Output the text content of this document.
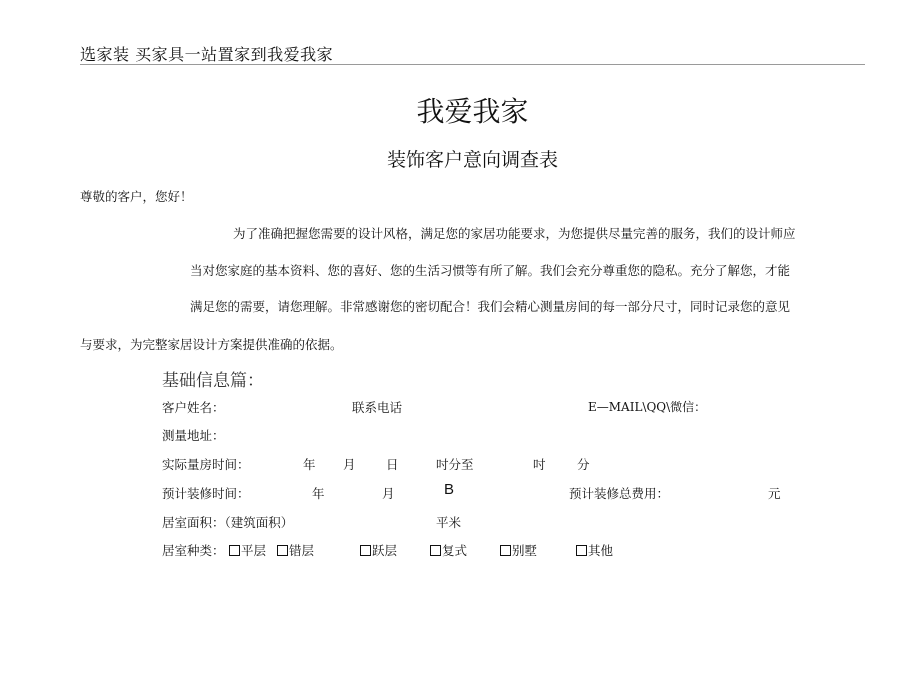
选家装 买家具一站置家到我爱我家
我爱我家
装饰客户意向调查表
尊敬的客户，您好！
为了准确把握您需要的设计风格，满足您的家居功能要求，为您提供尽量完善的服务，我们的设计师应
当对您家庭的基本资料、您的喜好、您的生活习惯等有所了解。我们会充分尊重您的隐私。充分了解您，才能
满足您的需要，请您理解。非常感谢您的密切配合！我们会精心测量房间的每一部分尺寸，同时记录您的意见
与要求，为完整家居设计方案提供准确的依据。
基础信息篇：
客户姓名：	联系电话	E—MAIL\QQ\微信：
测量地址：
实际量房时间：	年 月 日	吋分至	吋	分
预计装修时间：	年	月	B	预计装修总费用：	元
居室面积：（建筑面积）	平米
居室种类：	平层	错层	跃层	复式	别墅	其他
